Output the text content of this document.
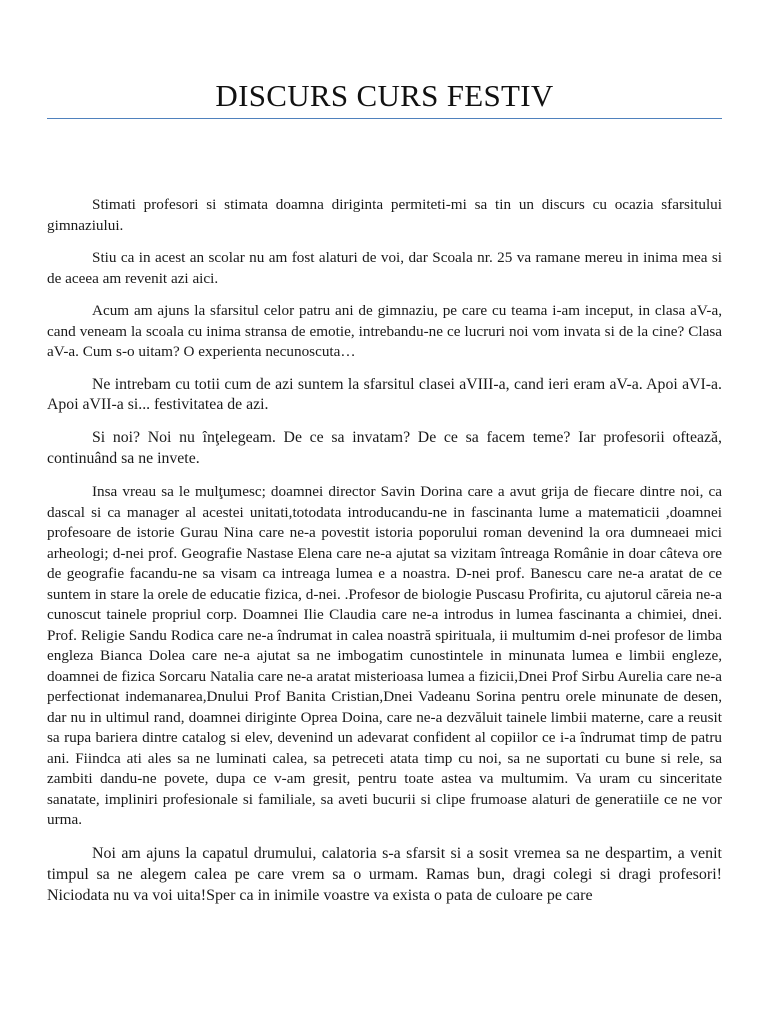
DISCURS CURS FESTIV

Stimati profesori si stimata doamna diriginta permiteti-mi sa tin un discurs cu ocazia sfarsitului gimnaziului.

Stiu ca in acest an scolar nu am fost alaturi de voi, dar Scoala nr. 25 va ramane mereu in inima mea si de aceea am revenit azi aici.

Acum am ajuns la sfarsitul celor patru ani de gimnaziu, pe care cu teama i-am inceput, in clasa aV-a, cand veneam la scoala cu inima stransa de emotie, intrebandu-ne ce lucruri noi vom invata si de la cine? Clasa aV-a. Cum s-o uitam? O experienta necunoscuta…

Ne intrebam cu totii cum de azi suntem la sfarsitul clasei aVIII-a, cand ieri eram aV-a. Apoi aVI-a. Apoi aVII-a si... festivitatea de azi.

Si noi? Noi nu înţelegeam. De ce sa invatam? De ce sa facem teme? Iar profesorii oftează, continuând sa ne invete.

Insa vreau sa le mulţumesc; doamnei director Savin Dorina care a avut grija de fiecare dintre noi, ca dascal si ca manager al acestei unitati,totodata introducandu-ne in fascinanta lume a matematicii ,doamnei profesoare de istorie Gurau Nina care ne-a povestit istoria poporului roman devenind la ora dumneaei mici arheologi; d-nei prof. Geografie Nastase Elena care ne-a ajutat sa vizitam întreaga Românie in doar câteva ore de geografie facandu-ne sa visam ca intreaga lumea e a noastra. D-nei prof. Banescu care ne-a aratat de ce suntem in stare la orele de educatie fizica, d-nei. .Profesor de biologie Puscasu Profirita, cu ajutorul căreia ne-a cunoscut tainele propriul corp. Doamnei Ilie Claudia care ne-a introdus in lumea fascinanta a chimiei, dnei. Prof. Religie Sandu Rodica care ne-a îndrumat in calea noastră spirituala, ii multumim d-nei profesor de limba engleza Bianca Dolea care ne-a ajutat sa ne imbogatim cunostintele in minunata lumea e limbii engleze, doamnei de fizica Sorcaru Natalia care ne-a aratat misterioasa lumea a fizicii,Dnei Prof Sirbu Aurelia care ne-a perfectionat indemanarea,Dnului Prof Banita Cristian,Dnei Vadeanu Sorina pentru orele minunate de desen, dar nu in ultimul rand, doamnei diriginte Oprea Doina, care ne-a dezvăluit tainele limbii materne, care a reusit sa rupa bariera dintre catalog si elev, devenind un adevarat confident al copiilor ce i-a îndrumat timp de patru ani. Fiindca ati ales sa ne luminati calea, sa petreceti atata timp cu noi, sa ne suportati cu bune si rele, sa zambiti dandu-ne povete, dupa ce v-am gresit, pentru toate astea va multumim. Va uram cu sinceritate sanatate, impliniri profesionale si familiale, sa aveti bucurii si clipe frumoase alaturi de generatiile ce ne vor urma.

Noi am ajuns la capatul drumului, calatoria s-a sfarsit si a sosit vremea sa ne despartim, a venit timpul sa ne alegem calea pe care vrem sa o urmam. Ramas bun, dragi colegi si dragi profesori! Niciodata nu va voi uita!Sper ca in inimile voastre va exista o pata de culoare pe care
